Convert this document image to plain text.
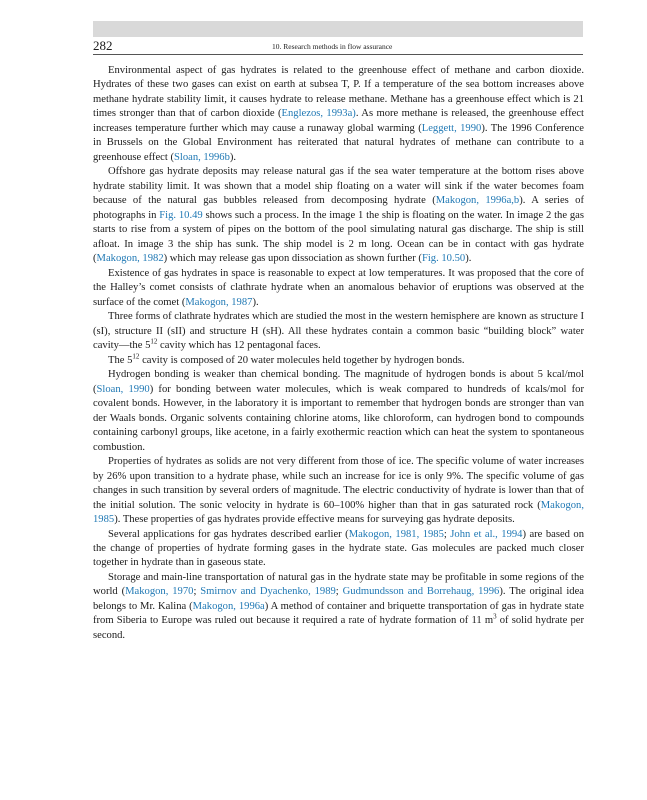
282	10. Research methods in flow assurance

Environmental aspect of gas hydrates is related to the greenhouse effect of methane and carbon dioxide. Hydrates of these two gases can exist on earth at subsea T, P. If a temperature of the sea bottom increases above methane hydrate stability limit, it causes hydrate to release methane. Methane has a greenhouse effect which is 21 times stronger than that of carbon dioxide (Englezos, 1993a). As more methane is released, the greenhouse effect increases temperature further which may cause a runaway global warming (Leggett, 1990). The 1996 Conference in Brussels on the Global Environment has reiterated that natural hydrates of methane can contribute to a greenhouse effect (Sloan, 1996b).

Offshore gas hydrate deposits may release natural gas if the sea water temperature at the bottom rises above hydrate stability limit. It was shown that a model ship floating on a water will sink if the water becomes foam because of the natural gas bubbles released from decomposing hydrate (Makogon, 1996a,b). A series of photographs in Fig. 10.49 shows such a process. In the image 1 the ship is floating on the water. In image 2 the gas starts to rise from a system of pipes on the bottom of the pool simulating natural gas discharge. The ship is still afloat. In image 3 the ship has sunk. The ship model is 2 m long. Ocean can be in contact with gas hydrate (Makogon, 1982) which may release gas upon dissociation as shown further (Fig. 10.50).

Existence of gas hydrates in space is reasonable to expect at low temperatures. It was proposed that the core of the Halley’s comet consists of clathrate hydrate when an anomalous behavior of eruptions was observed at the surface of the comet (Makogon, 1987).

Three forms of clathrate hydrates which are studied the most in the western hemisphere are known as structure I (sI), structure II (sII) and structure H (sH). All these hydrates contain a common basic “building block” water cavity—the $5^{12}$ cavity which has 12 pentagonal faces.

The $5^{12}$ cavity is composed of 20 water molecules held together by hydrogen bonds.

Hydrogen bonding is weaker than chemical bonding. The magnitude of hydrogen bonds is about 5 kcal/mol (Sloan, 1990) for bonding between water molecules, which is weak compared to hundreds of kcals/mol for covalent bonds. However, in the laboratory it is important to remember that hydrogen bonds are stronger than van der Waals bonds. Organic solvents containing chlorine atoms, like chloroform, can hydrogen bond to compounds containing carbonyl groups, like acetone, in a fairly exothermic reaction which can heat the system to spontaneous combustion.

Properties of hydrates as solids are not very different from those of ice. The specific volume of water increases by 26% upon transition to a hydrate phase, while such an increase for ice is only 9%. The specific volume of gas changes in such transition by several orders of magnitude. The electric conductivity of hydrate is lower than that of the initial solution. The sonic velocity in hydrate is 60–100% higher than that in gas saturated rock (Makogon, 1985). These properties of gas hydrates provide effective means for surveying gas hydrate deposits.

Several applications for gas hydrates described earlier (Makogon, 1981, 1985; John et al., 1994) are based on the change of properties of hydrate forming gases in the hydrate state. Gas molecules are packed much closer together in hydrate than in gaseous state.

Storage and main-line transportation of natural gas in the hydrate state may be profitable in some regions of the world (Makogon, 1970; Smirnov and Dyachenko, 1989; Gudmundsson and Borrehaug, 1996). The original idea belongs to Mr. Kalina (Makogon, 1996a) A method of container and briquette transportation of gas in hydrate state from Siberia to Europe was ruled out because it required a rate of hydrate formation of 11 $m^3$ of solid hydrate per second.
